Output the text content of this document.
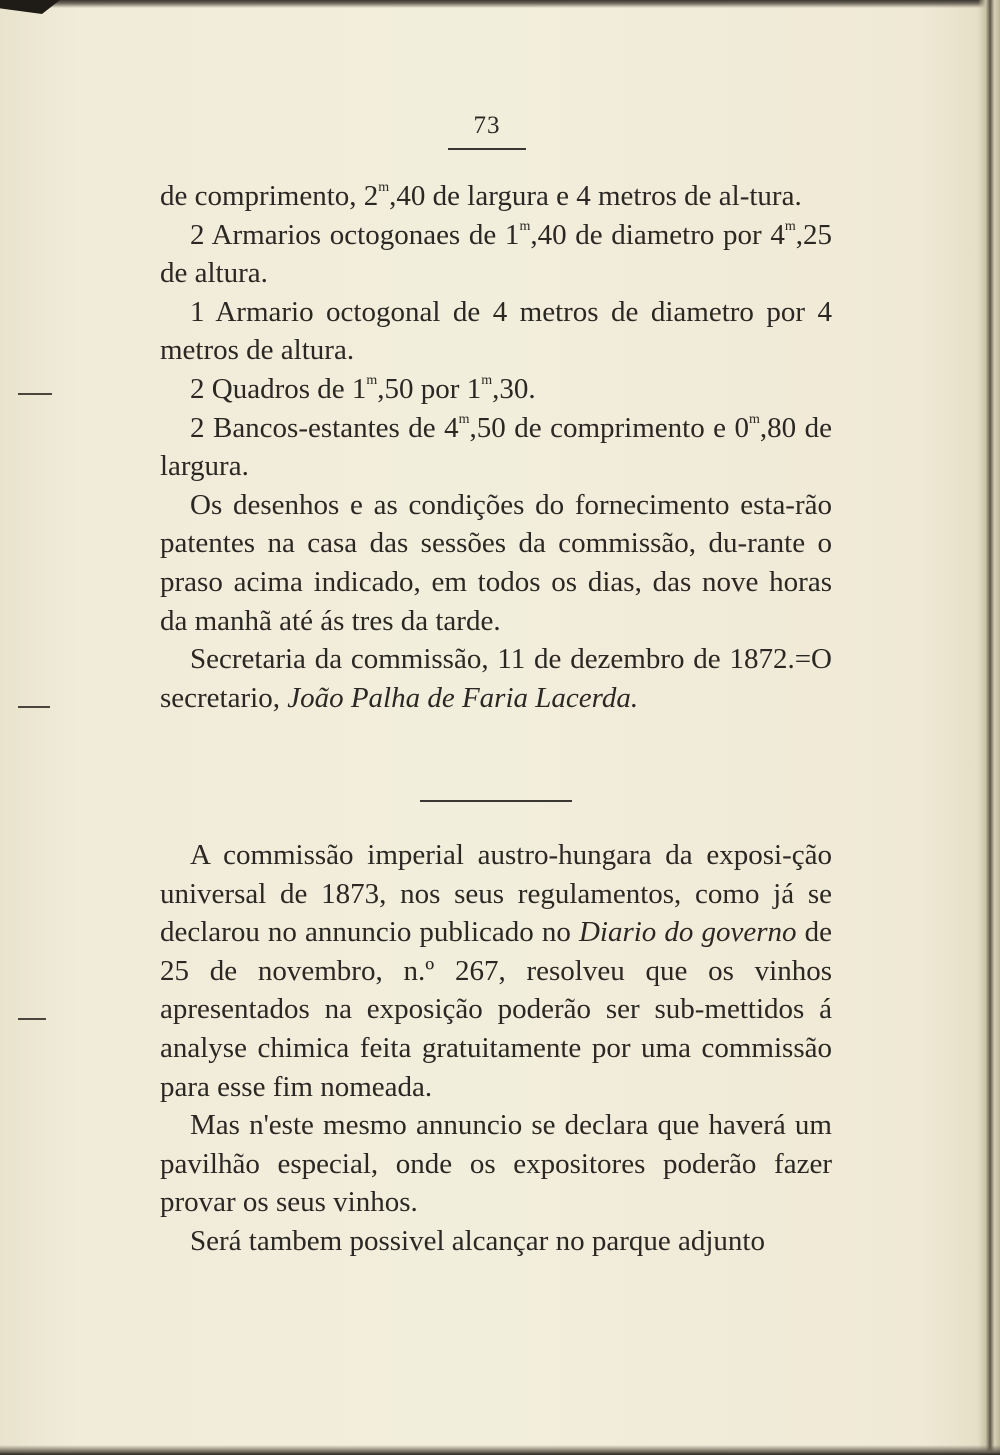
73

de comprimento, 2$^m$,40 de largura e 4 metros de al-tura.

2 Armarios octogonaes de 1$^m$,40 de diametro por 4$^m$,25 de altura.

1 Armario octogonal de 4 metros de diametro por 4 metros de altura.

2 Quadros de 1$^m$,50 por 1$^m$,30.

2 Bancos-estantes de 4$^m$,50 de comprimento e 0$^m$,80 de largura.

Os desenhos e as condições do fornecimento esta-rão patentes na casa das sessões da commissão, du-rante o praso acima indicado, em todos os dias, das nove horas da manhã até ás tres da tarde.

Secretaria da commissão, 11 de dezembro de 1872.=O secretario, João Palha de Faria Lacerda.

A commissão imperial austro-hungara da exposi-ção universal de 1873, nos seus regulamentos, como já se declarou no annuncio publicado no Diario do governo de 25 de novembro, n.º 267, resolveu que os vinhos apresentados na exposição poderão ser sub-mettidos á analyse chimica feita gratuitamente por uma commissão para esse fim nomeada.

Mas n'este mesmo annuncio se declara que haverá um pavilhão especial, onde os expositores poderão fazer provar os seus vinhos.

Será tambem possivel alcançar no parque adjunto
